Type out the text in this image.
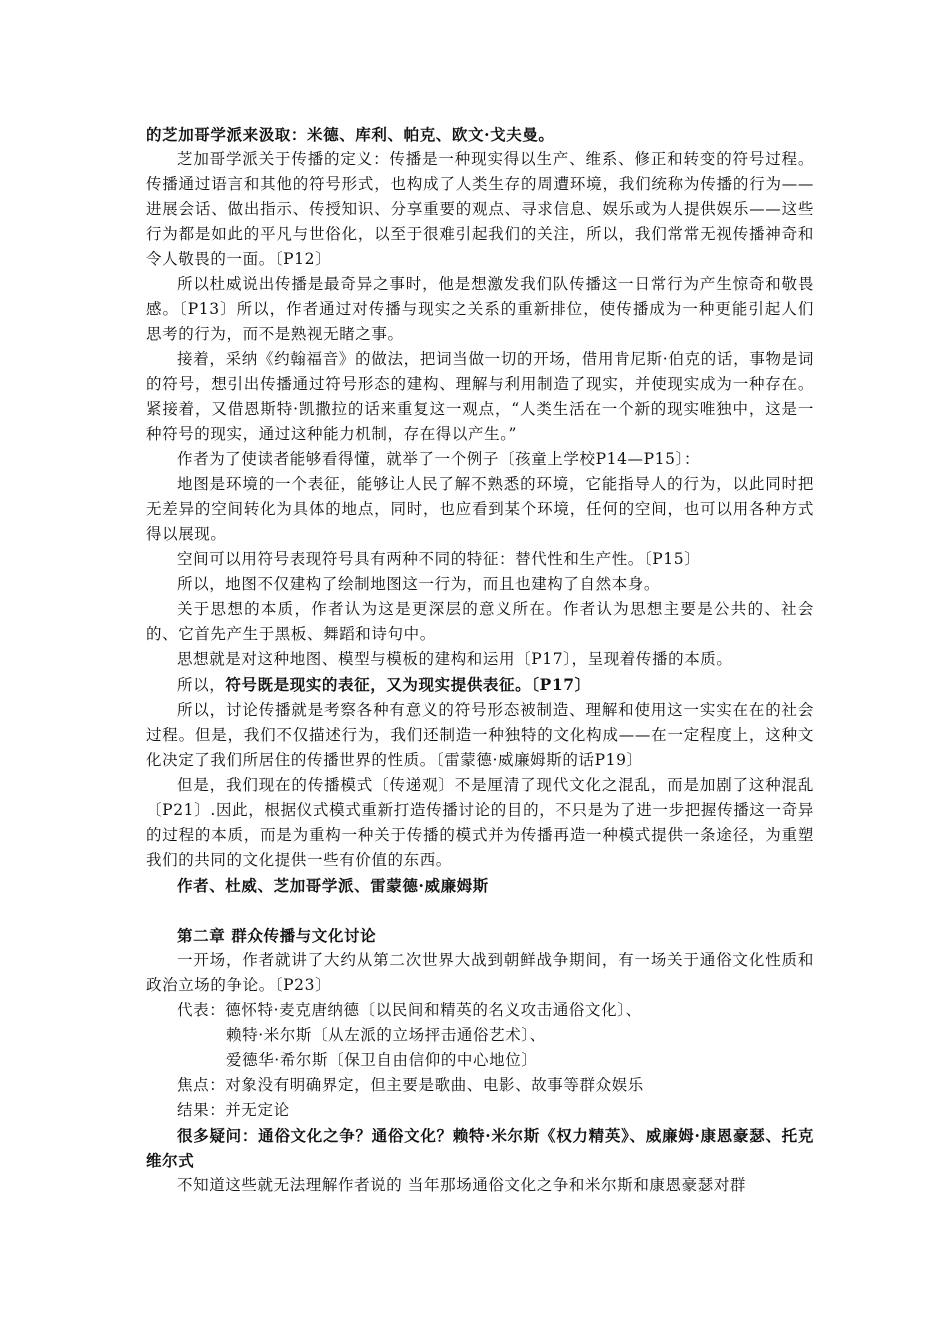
的芝加哥学派来汲取：米德、库利、帕克、欧文·戈夫曼。

芝加哥学派关于传播的定义：传播是一种现实得以生产、维系、修正和转变的符号过程。传播通过语言和其他的符号形式，也构成了人类生存的周遭环境，我们统称为传播的行为——进展会话、做出指示、传授知识、分享重要的观点、寻求信息、娱乐或为人提供娱乐——这些行为都是如此的平凡与世俗化，以至于很难引起我们的关注，所以，我们常常无视传播神奇和令人敬畏的一面。〔P12〕

所以杜威说出传播是最奇异之事时，他是想激发我们队传播这一日常行为产生惊奇和敬畏感。〔P13〕所以，作者通过对传播与现实之关系的重新排位，使传播成为一种更能引起人们思考的行为，而不是熟视无睹之事。

接着，采纳《约翰福音》的做法，把词当做一切的开场，借用肯尼斯·伯克的话，事物是词的符号，想引出传播通过符号形态的建构、理解与利用制造了现实，并使现实成为一种存在。紧接着，又借恩斯特·凯撒拉的话来重复这一观点，“人类生活在一个新的现实唯独中，这是一种符号的现实，通过这种能力机制，存在得以产生。”

作者为了使读者能够看得懂，就举了一个例子〔孩童上学校P14—P15〕：

地图是环境的一个表征，能够让人民了解不熟悉的环境，它能指导人的行为，以此同时把无差异的空间转化为具体的地点，同时，也应看到某个环境，任何的空间，也可以用各种方式得以展现。

空间可以用符号表现符号具有两种不同的特征：替代性和生产性。〔P15〕

所以，地图不仅建构了绘制地图这一行为，而且也建构了自然本身。

关于思想的本质，作者认为这是更深层的意义所在。作者认为思想主要是公共的、社会的、它首先产生于黑板、舞蹈和诗句中。

思想就是对这种地图、模型与模板的建构和运用〔P17〕，呈现着传播的本质。

所以，符号既是现实的表征，又为现实提供表征。〔P17〕

所以，讨论传播就是考察各种有意义的符号形态被制造、理解和使用这一实实在在的社会过程。但是，我们不仅描述行为，我们还制造一种独特的文化构成——在一定程度上，这种文化决定了我们所居住的传播世界的性质。〔雷蒙德·威廉姆斯的话P19〕

但是，我们现在的传播模式〔传递观〕不是厘清了现代文化之混乱，而是加剧了这种混乱〔P21〕.因此，根据仪式模式重新打造传播讨论的目的，不只是为了进一步把握传播这一奇异的过程的本质，而是为重构一种关于传播的模式并为传播再造一种模式提供一条途径，为重塑我们的共同的文化提供一些有价值的东西。

作者、杜威、芝加哥学派、雷蒙德·威廉姆斯

第二章 群众传播与文化讨论

一开场，作者就讲了大约从第二次世界大战到朝鲜战争期间，有一场关于通俗文化性质和政治立场的争论。〔P23〕

代表：德怀特·麦克唐纳德〔以民间和精英的名义攻击通俗文化〕、

赖特·米尔斯〔从左派的立场抨击通俗艺术〕、

爱德华·希尔斯〔保卫自由信仰的中心地位〕

焦点：对象没有明确界定，但主要是歌曲、电影、故事等群众娱乐

结果：并无定论

很多疑问：通俗文化之争？通俗文化？赖特·米尔斯《权力精英》、威廉姆·康恩豪瑟、托克维尔式

不知道这些就无法理解作者说的 当年那场通俗文化之争和米尔斯和康恩豪瑟对群
